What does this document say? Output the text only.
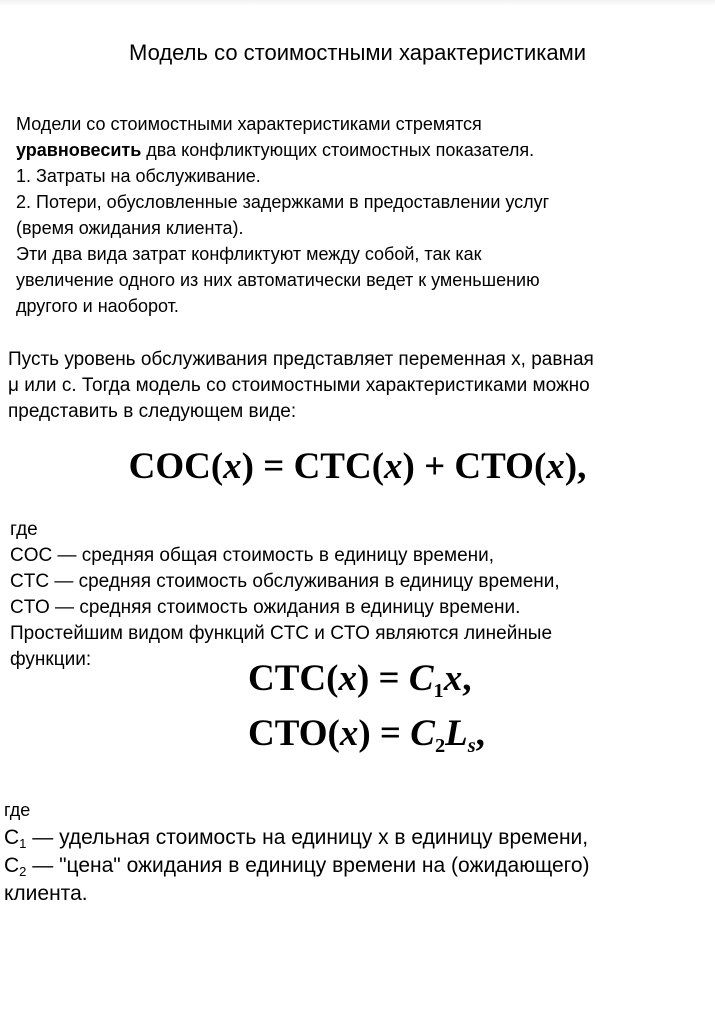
Модель со стоимостными характеристиками
Модели со стоимостными характеристиками стремятся
уравновесить два конфликтующих стоимостных показателя.
1. Затраты на обслуживание.
2. Потери, обусловленные задержками в предоставлении услуг
(время ожидания клиента).
Эти два вида затрат конфликтуют между собой, так как
увеличение одного из них автоматически ведет к уменьшению
другого и наоборот.
Пусть уровень обслуживания представляет переменная x, равная
μ или c. Тогда модель со стоимостными характеристиками можно
представить в следующем виде:
COC(x) = CTC(x) + CTO(x),
где
COC — средняя общая стоимость в единицу времени,
CTC — средняя стоимость обслуживания в единицу времени,
CTO — средняя стоимость ожидания в единицу времени.
Простейшим видом функций CTC и CTO являются линейные
функции:	$CTC(x) = C_1x$,
$CTO(x) = C_2Ls$,
где
$C_1$ — удельная стоимость на единицу x в единицу времени,
$C_2$ — "цена" ожидания в единицу времени на (ожидающего)
клиента.
